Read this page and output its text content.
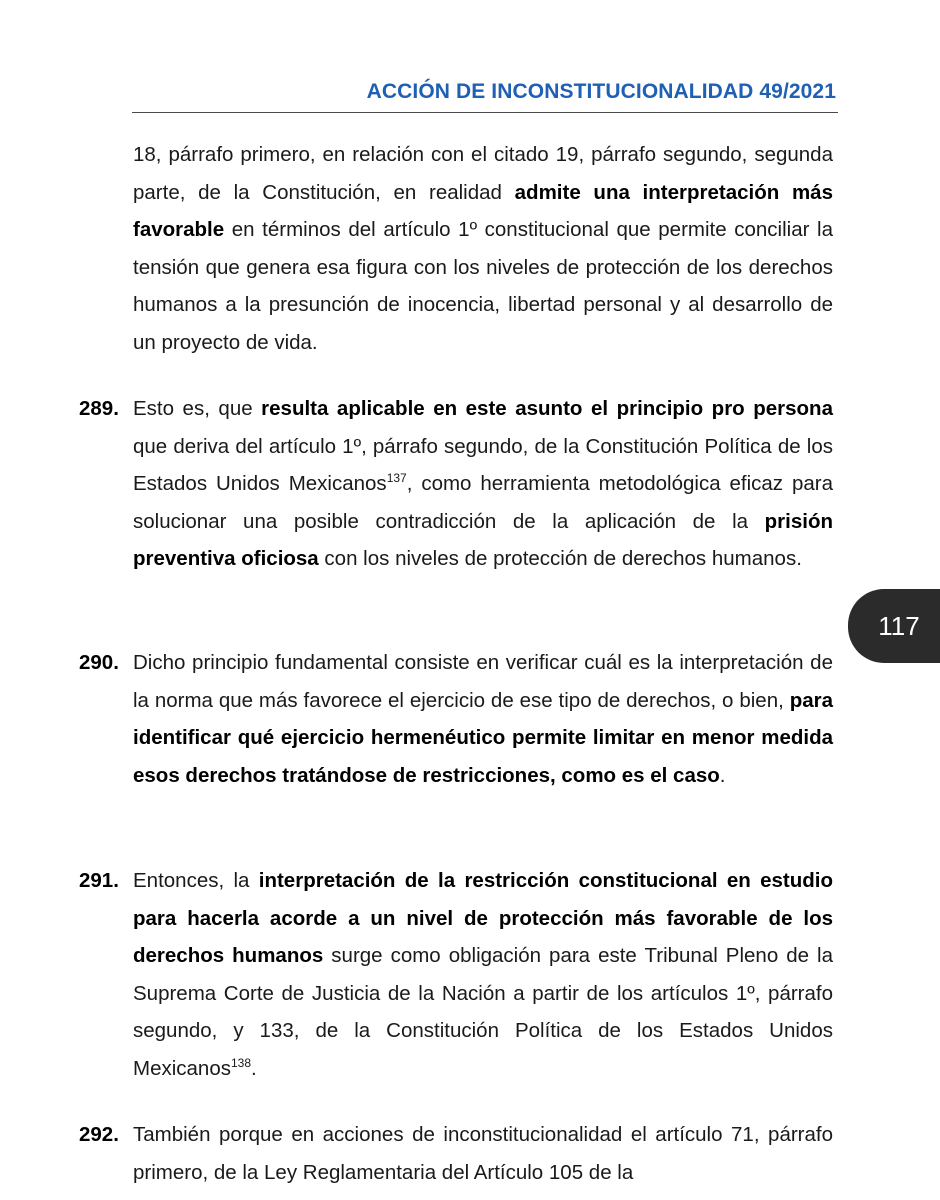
ACCIÓN DE INCONSTITUCIONALIDAD 49/2021
117
18, párrafo primero, en relación con el citado 19, párrafo segundo, segunda parte, de la Constitución, en realidad admite una interpretación más favorable en términos del artículo 1º constitucional que permite conciliar la tensión que genera esa figura con los niveles de protección de los derechos humanos a la presunción de inocencia, libertad personal y al desarrollo de un proyecto de vida.
289. Esto es, que resulta aplicable en este asunto el principio pro persona que deriva del artículo 1º, párrafo segundo, de la Constitución Política de los Estados Unidos Mexicanos$^{137}$, como herramienta metodológica eficaz para solucionar una posible contradicción de la aplicación de la prisión preventiva oficiosa con los niveles de protección de derechos humanos.
290. Dicho principio fundamental consiste en verificar cuál es la interpretación de la norma que más favorece el ejercicio de ese tipo de derechos, o bien, para identificar qué ejercicio hermenéutico permite limitar en menor medida esos derechos tratándose de restricciones, como es el caso.
291. Entonces, la interpretación de la restricción constitucional en estudio para hacerla acorde a un nivel de protección más favorable de los derechos humanos surge como obligación para este Tribunal Pleno de la Suprema Corte de Justicia de la Nación a partir de los artículos 1º, párrafo segundo, y 133, de la Constitución Política de los Estados Unidos Mexicanos$^{138}$.
292. También porque en acciones de inconstitucionalidad el artículo 71, párrafo primero, de la Ley Reglamentaria del Artículo 105 de la
